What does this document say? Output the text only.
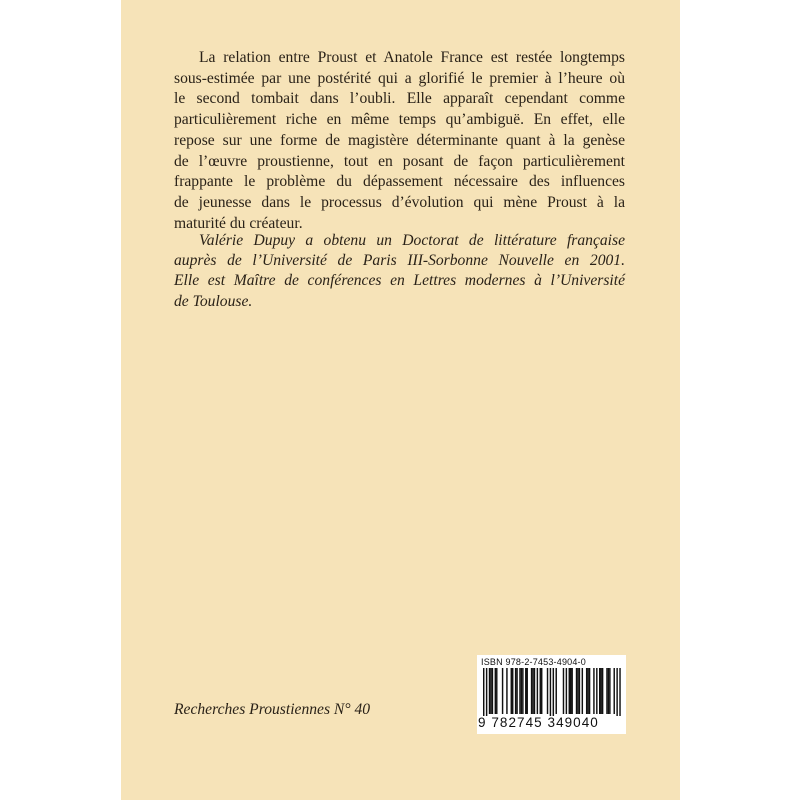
La relation entre Proust et Anatole France est restée longtemps
sous-estimée par une postérité qui a glorifié le premier à l’heure où
le second tombait dans l’oubli. Elle apparaît cependant comme
particulièrement riche en même temps qu’ambiguë. En effet, elle
repose sur une forme de magistère déterminante quant à la genèse
de l’œuvre proustienne, tout en posant de façon particulièrement
frappante le problème du dépassement nécessaire des influences
de jeunesse dans le processus d’évolution qui mène Proust à la
maturité du créateur.
Valérie Dupuy a obtenu un Doctorat de littérature française
auprès de l’Université de Paris III-Sorbonne Nouvelle en 2001.
Elle est Maître de conférences en Lettres modernes à l’Université
de Toulouse.
Recherches Proustiennes N° 40
ISBN 978-2-7453-4904-0
9 782745 349040
